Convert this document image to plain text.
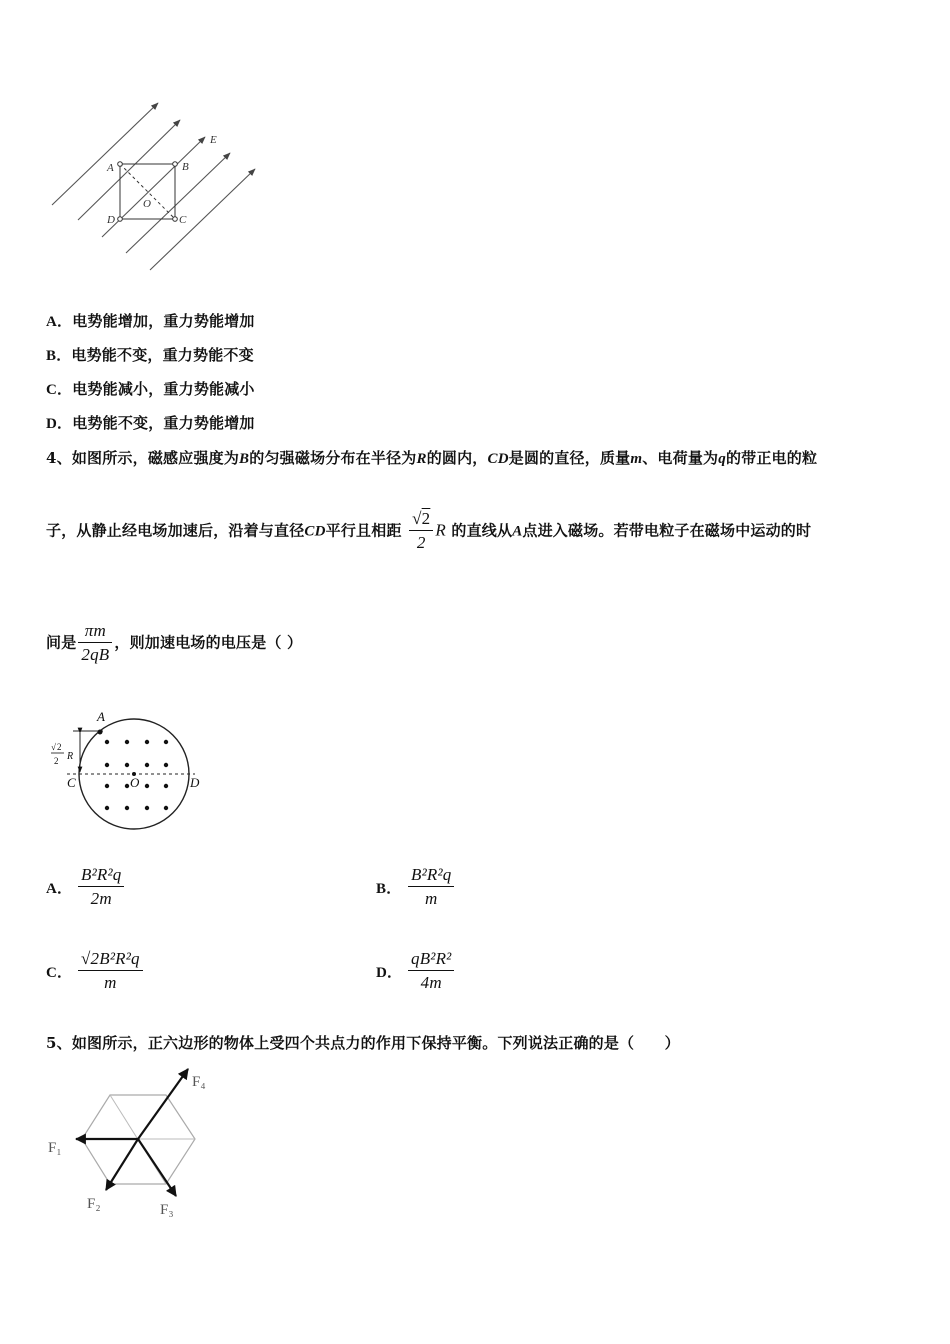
A	B
D	C
O
E
A．电势能增加，重力势能增加
B．电势能不变，重力势能不变
C．电势能减小，重力势能减小
D．电势能不变，重力势能增加
4、如图所示，磁感应强度为B的匀强磁场分布在半径为R的圆内，CD是圆的直径，质量m、电荷量为q的带正电的粒
子，从静止经电场加速后，沿着与直径CD平行且相距 $\frac{√2}{2}$ R 的直线从A点进入磁场。若带电粒子在磁场中运动的时
间是 $\frac{\pi m}{2qB}$ ，则加速电场的电压是（ ）
A
C	D
O
R
√ 2
2
A． $\frac{\text{B²R²q}}{2m}$	B． $\frac{\text{B²R²q}}{m}$
C． $\frac{\text{√2B²R²q}}{m}$	D． $\frac{\text{qB²R²}}{4m}$
5、如图所示，正六边形的物体上受四个共点力的作用下保持平衡。下列说法正确的是（　　）
F₁
F₂	F₃
F₄
